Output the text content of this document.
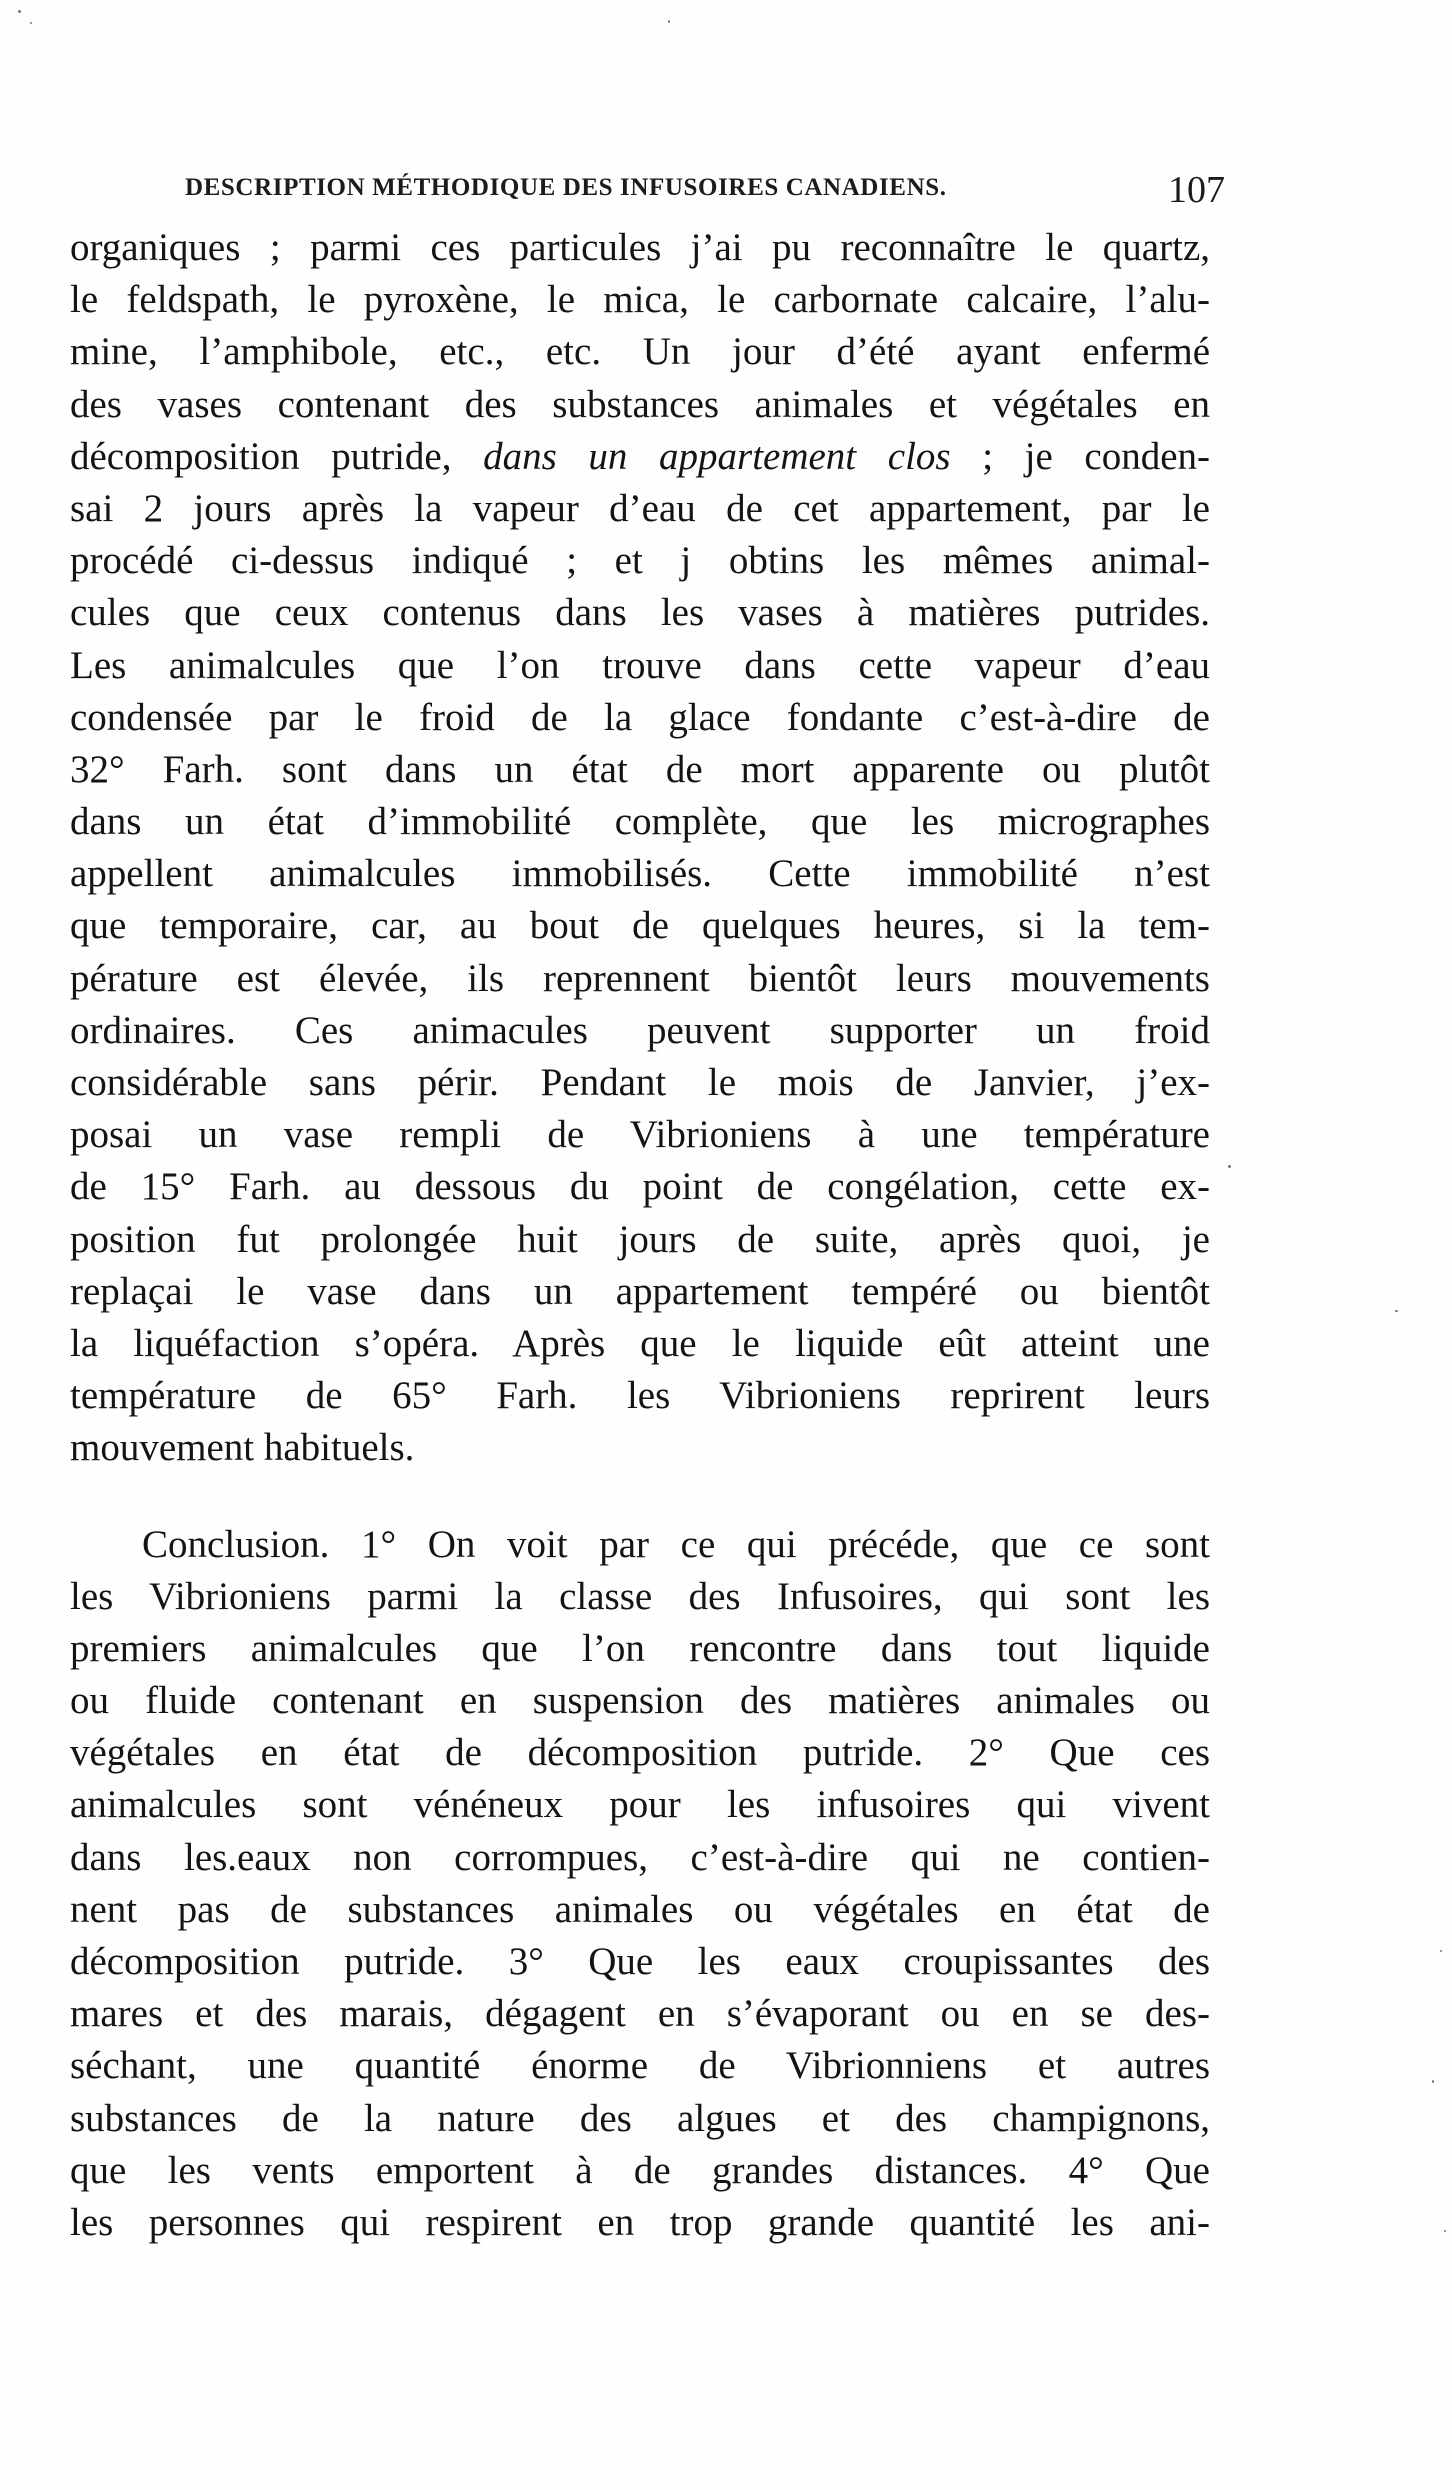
DESCRIPTION MÉTHODIQUE DES INFUSOIRES CANADIENS.	107
organiques ; parmi ces particules j’ai pu reconnaître le quartz,
le feldspath, le pyroxène, le mica, le carbornate calcaire, l’alu-
mine, l’amphibole, etc., etc. Un jour d’été ayant enfermé
des vases contenant des substances animales et végétales en
décomposition putride, dans un appartement clos ; je conden-
sai 2 jours après la vapeur d’eau de cet appartement, par le
procédé ci-dessus indiqué ; et j obtins les mêmes animal-
cules que ceux contenus dans les vases à matières putrides.
Les animalcules que l’on trouve dans cette vapeur d’eau
condensée par le froid de la glace fondante c’est-à-dire de
32° Farh. sont dans un état de mort apparente ou plutôt
dans un état d’immobilité complète, que les micrographes
appellent animalcules immobilisés. Cette immobilité n’est
que temporaire, car, au bout de quelques heures, si la tem-
pérature est élevée, ils reprennent bientôt leurs mouvements
ordinaires. Ces animacules peuvent supporter un froid
considérable sans périr. Pendant le mois de Janvier, j’ex-
posai un vase rempli de Vibrioniens à une température
de 15° Farh. au dessous du point de congélation, cette ex-
position fut prolongée huit jours de suite, après quoi, je
replaçai le vase dans un appartement tempéré ou bientôt
la liquéfaction s’opéra. Après que le liquide eût atteint une
température de 65° Farh. les Vibrioniens reprirent leurs
mouvement habituels.
Conclusion. 1° On voit par ce qui précéde, que ce sont
les Vibrioniens parmi la classe des Infusoires, qui sont les
premiers animalcules que l’on rencontre dans tout liquide
ou fluide contenant en suspension des matières animales ou
végétales en état de décomposition putride. 2° Que ces
animalcules sont vénéneux pour les infusoires qui vivent
dans les.eaux non corrompues, c’est-à-dire qui ne contien-
nent pas de substances animales ou végétales en état de
décomposition putride. 3° Que les eaux croupissantes des
mares et des marais, dégagent en s’évaporant ou en se des-
séchant, une quantité énorme de Vibrionniens et autres
substances de la nature des algues et des champignons,
que les vents emportent à de grandes distances. 4° Que
les personnes qui respirent en trop grande quantité les ani-
